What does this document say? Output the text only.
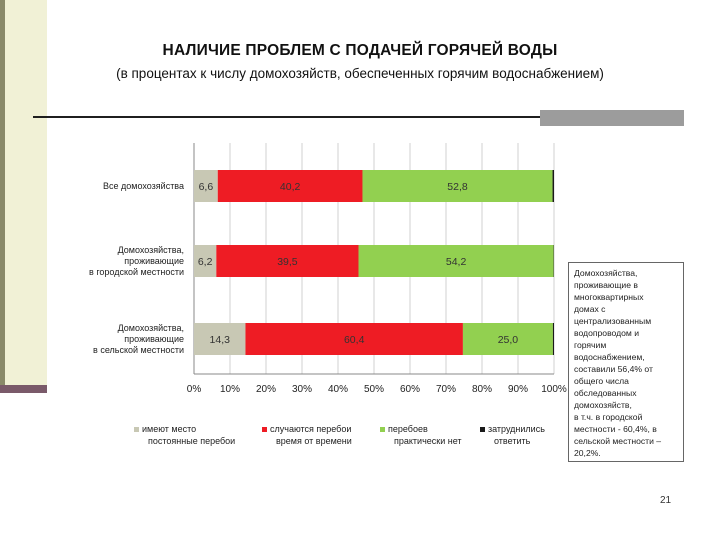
НАЛИЧИЕ ПРОБЛЕМ С ПОДАЧЕЙ ГОРЯЧЕЙ ВОДЫ
(в процентах к числу домохозяйств, обеспеченных горячим водоснабжением)
0% 10% 20% 30% 40% 50% 60% 70% 80% 90% 100%
6,6	40,2	52,8
Все домохозяйства
6,2	39,5	54,2
Домохозяйства,
проживающие
в городской местности
14,3	60,4	25,0
Домохозяйства,
проживающие
в сельской местности
имеют место
постоянные перебои
случаются перебои
время от времени
перебоев
практически нет
затруднились
ответить
Домохозяйства,
проживающие в
многоквартирных
домах с
централизованным
водопроводом и
горячим
водоснабжением,
составили 56,4% от
общего числа
обследованных
домохозяйств,
в т.ч. в городской
местности - 60,4%, в
сельской местности –
20,2%.
21
